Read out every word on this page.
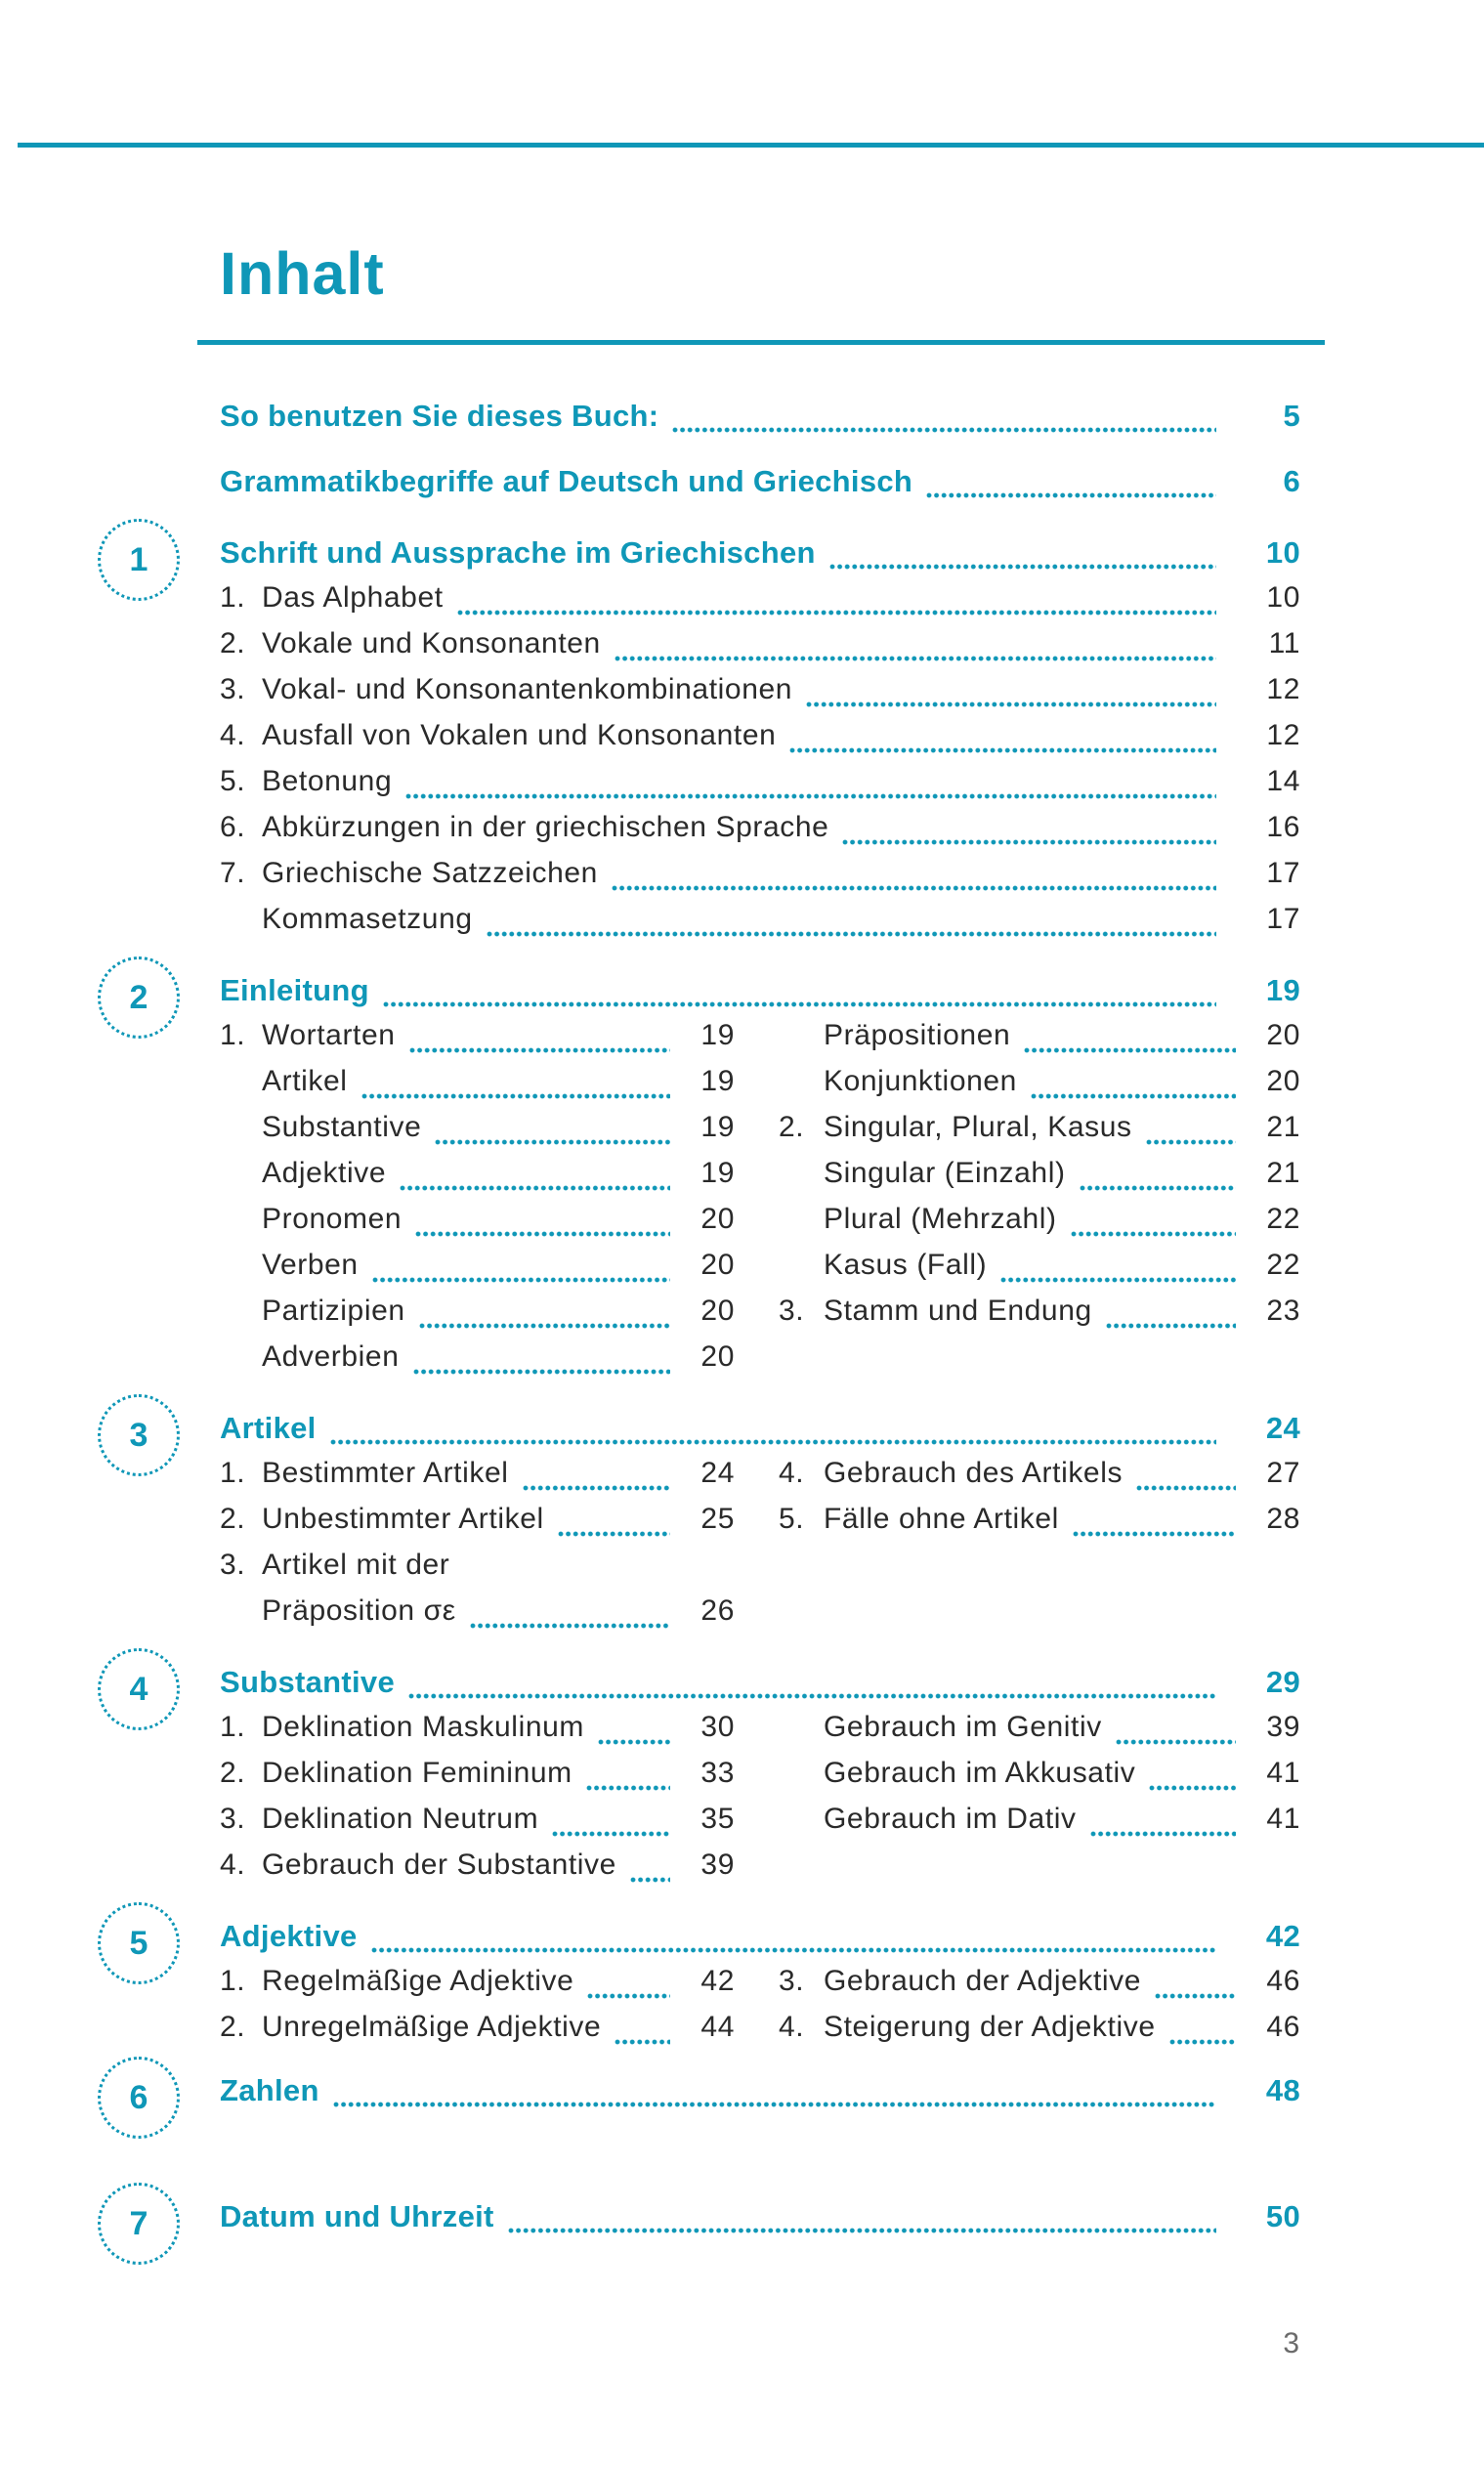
Inhalt
So benutzen Sie dieses Buch:	5
Grammatikbegriffe auf Deutsch und Griechisch	6
1 Schrift und Aussprache im Griechischen	10
1. Das Alphabet	10
2. Vokale und Konsonanten	11
3. Vokal- und Konsonantenkombinationen	12
4. Ausfall von Vokalen und Konsonanten	12
5. Betonung	14
6. Abkürzungen in der griechischen Sprache	16
7. Griechische Satzzeichen	17
Kommasetzung	17
2 Einleitung	19
1. Wortarten	19
Artikel	19
Substantive	19
Adjektive	19
Pronomen	20
Verben	20
Partizipien	20
Adverbien	20
Präpositionen	20
Konjunktionen	20
2. Singular, Plural, Kasus	21
Singular (Einzahl)	21
Plural (Mehrzahl)	22
Kasus (Fall)	22
3. Stamm und Endung	23
3 Artikel	24
1. Bestimmter Artikel	24
2. Unbestimmter Artikel	25
3. Artikel mit der
Präposition σε	26
4. Gebrauch des Artikels	27
5. Fälle ohne Artikel	28
4 Substantive	29
1. Deklination Maskulinum	30
2. Deklination Femininum	33
3. Deklination Neutrum	35
4. Gebrauch der Substantive	39
Gebrauch im Genitiv	39
Gebrauch im Akkusativ	41
Gebrauch im Dativ	41
5 Adjektive	42
1. Regelmäßige Adjektive	42
2. Unregelmäßige Adjektive	44
3. Gebrauch der Adjektive	46
4. Steigerung der Adjektive	46
6 Zahlen	48
7 Datum und Uhrzeit	50
3
